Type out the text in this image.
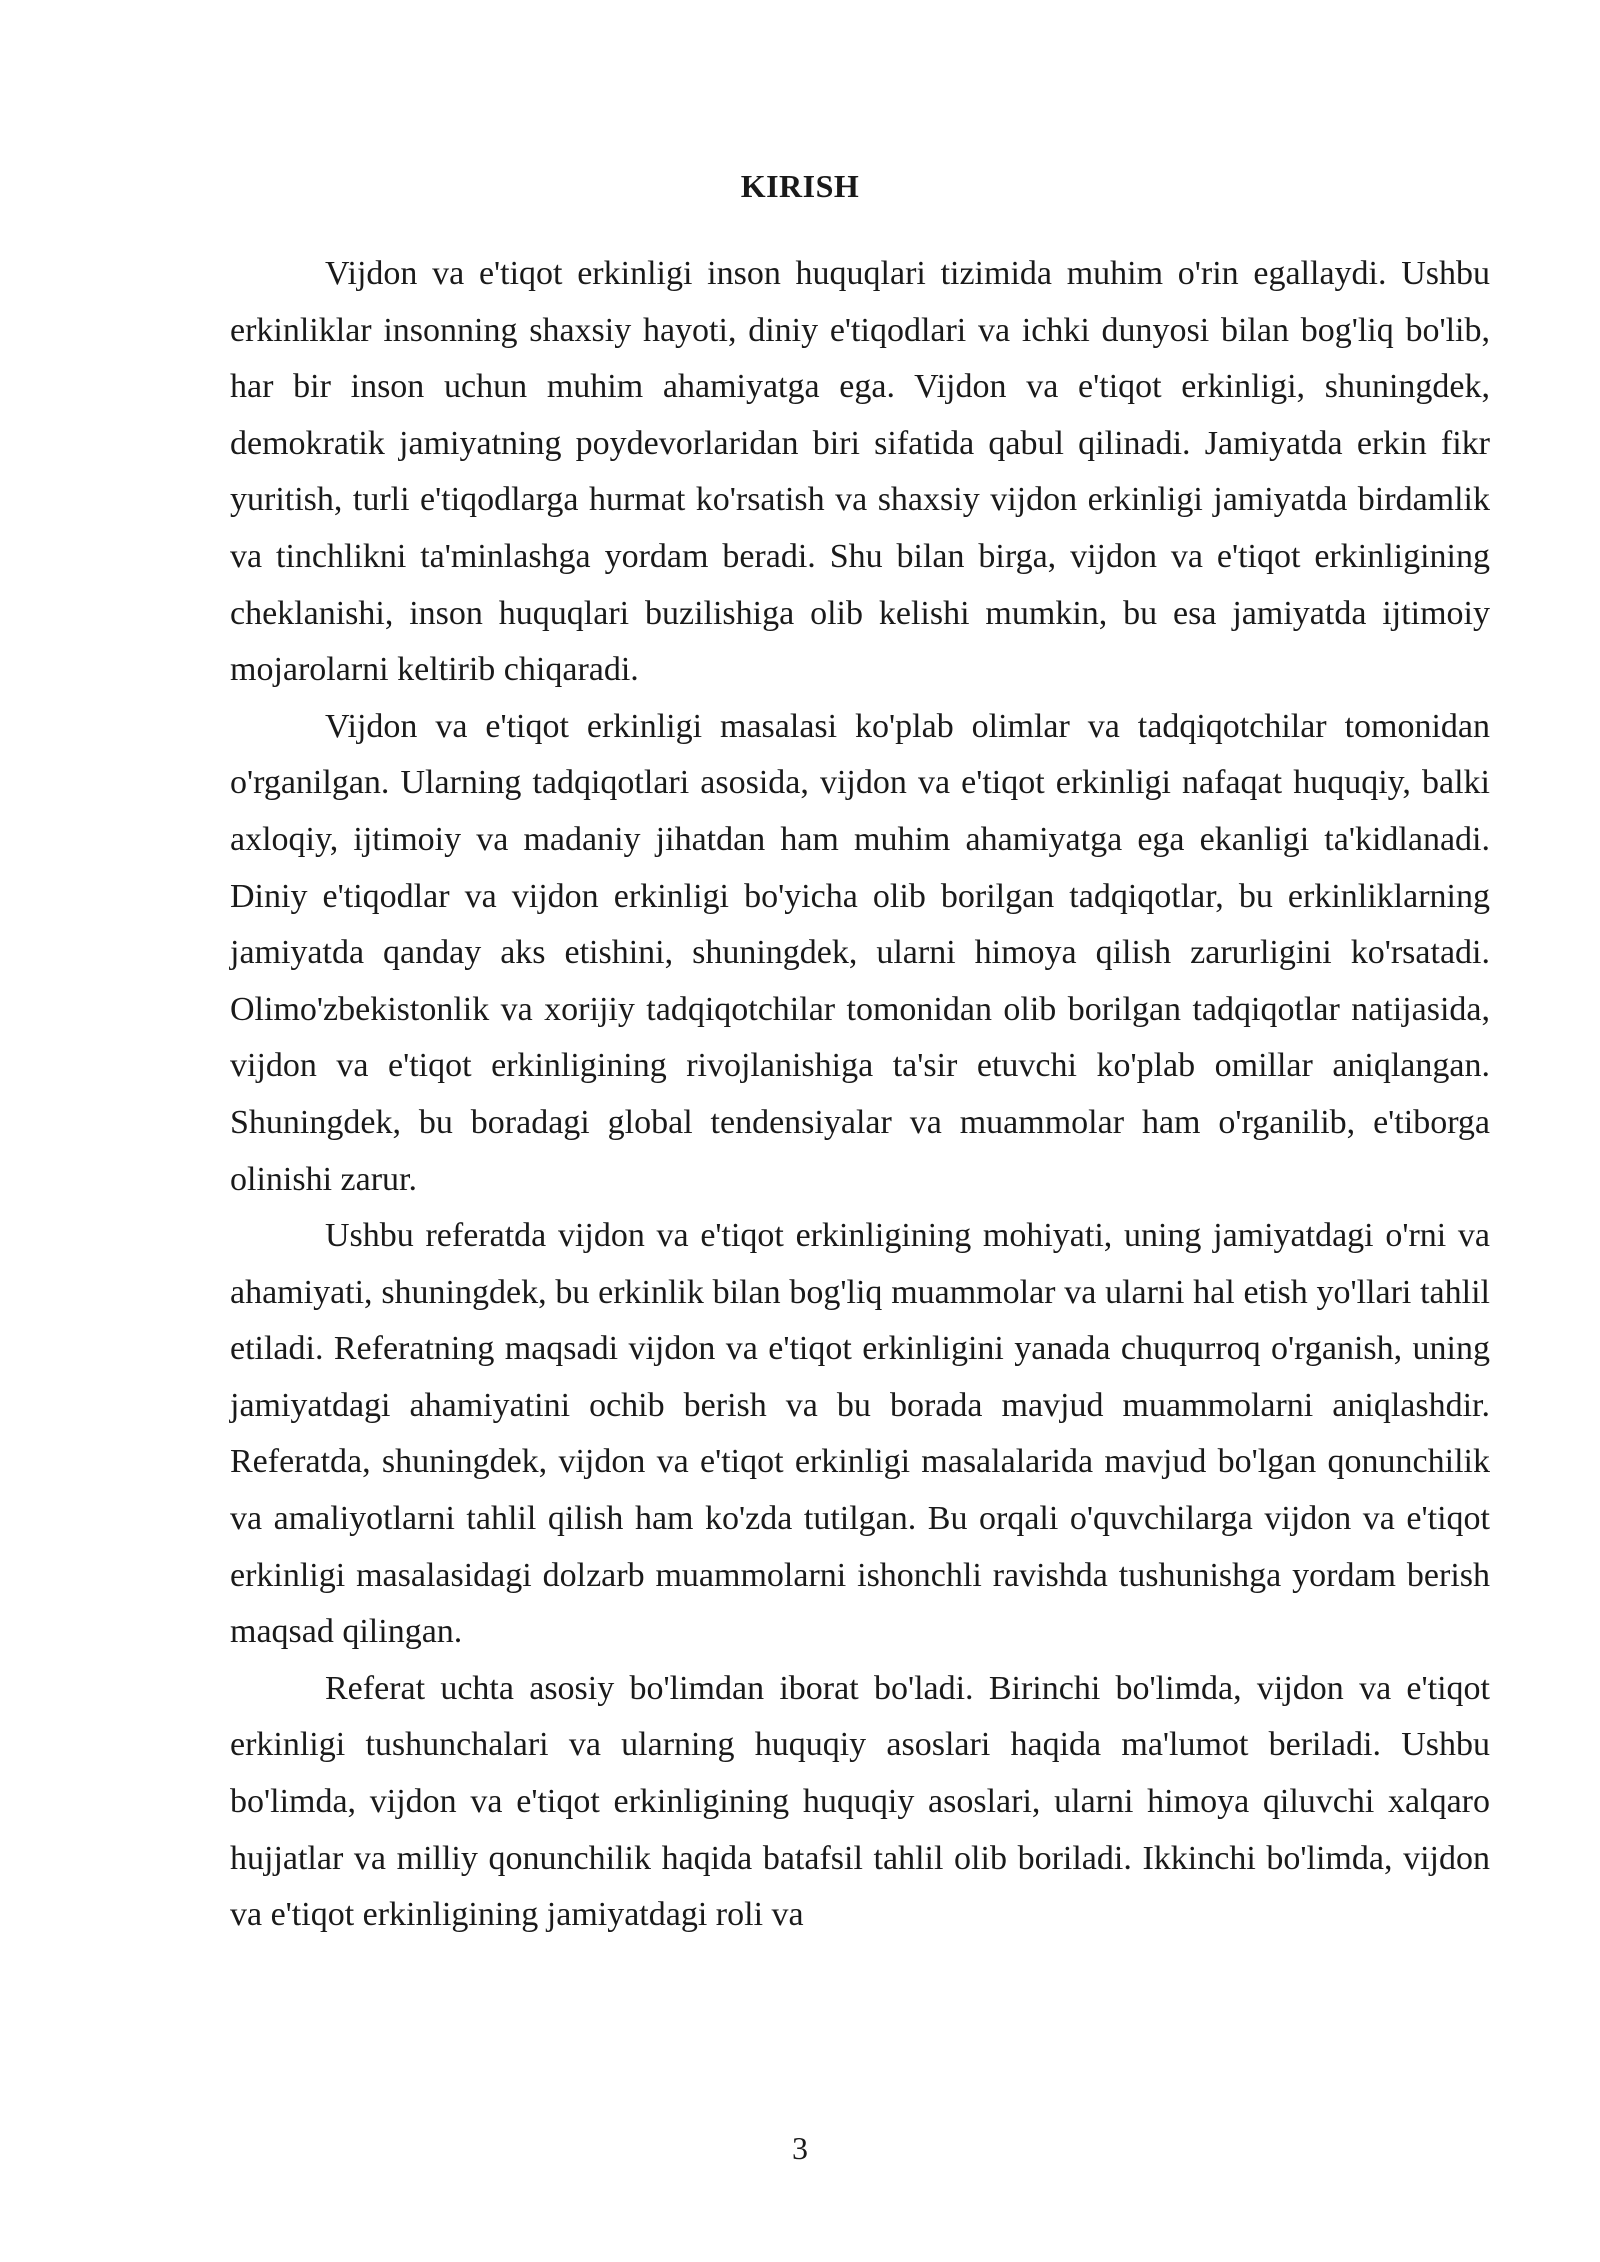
KIRISH

Vijdon va e'tiqot erkinligi inson huquqlari tizimida muhim o'rin egallaydi. Ushbu erkinliklar insonning shaxsiy hayoti, diniy e'tiqodlari va ichki dunyosi bilan bog'liq bo'lib, har bir inson uchun muhim ahamiyatga ega. Vijdon va e'tiqot erkinligi, shuningdek, demokratik jamiyatning poydevorlaridan biri sifatida qabul qilinadi. Jamiyatda erkin fikr yuritish, turli e'tiqodlarga hurmat ko'rsatish va shaxsiy vijdon erkinligi jamiyatda birdamlik va tinchlikni ta'minlashga yordam beradi. Shu bilan birga, vijdon va e'tiqot erkinligining cheklanishi, inson huquqlari buzilishiga olib kelishi mumkin, bu esa jamiyatda ijtimoiy mojarolarni keltirib chiqaradi.

Vijdon va e'tiqot erkinligi masalasi ko'plab olimlar va tadqiqotchilar tomonidan o'rganilgan. Ularning tadqiqotlari asosida, vijdon va e'tiqot erkinligi nafaqat huquqiy, balki axloqiy, ijtimoiy va madaniy jihatdan ham muhim ahamiyatga ega ekanligi ta'kidlanadi. Diniy e'tiqodlar va vijdon erkinligi bo'yicha olib borilgan tadqiqotlar, bu erkinliklarning jamiyatda qanday aks etishini, shuningdek, ularni himoya qilish zarurligini ko'rsatadi. Olimo'zbekistonlik va xorijiy tadqiqotchilar tomonidan olib borilgan tadqiqotlar natijasida, vijdon va e'tiqot erkinligining rivojlanishiga ta'sir etuvchi ko'plab omillar aniqlangan. Shuningdek, bu boradagi global tendensiyalar va muammolar ham o'rganilib, e'tiborga olinishi zarur.

Ushbu referatda vijdon va e'tiqot erkinligining mohiyati, uning jamiyatdagi o'rni va ahamiyati, shuningdek, bu erkinlik bilan bog'liq muammolar va ularni hal etish yo'llari tahlil etiladi. Referatning maqsadi vijdon va e'tiqot erkinligini yanada chuqurroq o'rganish, uning jamiyatdagi ahamiyatini ochib berish va bu borada mavjud muammolarni aniqlashdir. Referatda, shuningdek, vijdon va e'tiqot erkinligi masalalarida mavjud bo'lgan qonunchilik va amaliyotlarni tahlil qilish ham ko'zda tutilgan. Bu orqali o'quvchilarga vijdon va e'tiqot erkinligi masalasidagi dolzarb muammolarni ishonchli ravishda tushunishga yordam berish maqsad qilingan.

Referat uchta asosiy bo'limdan iborat bo'ladi. Birinchi bo'limda, vijdon va e'tiqot erkinligi tushunchalari va ularning huquqiy asoslari haqida ma'lumot beriladi. Ushbu bo'limda, vijdon va e'tiqot erkinligining huquqiy asoslari, ularni himoya qiluvchi xalqaro hujjatlar va milliy qonunchilik haqida batafsil tahlil olib boriladi. Ikkinchi bo'limda, vijdon va e'tiqot erkinligining jamiyatdagi roli va

3
